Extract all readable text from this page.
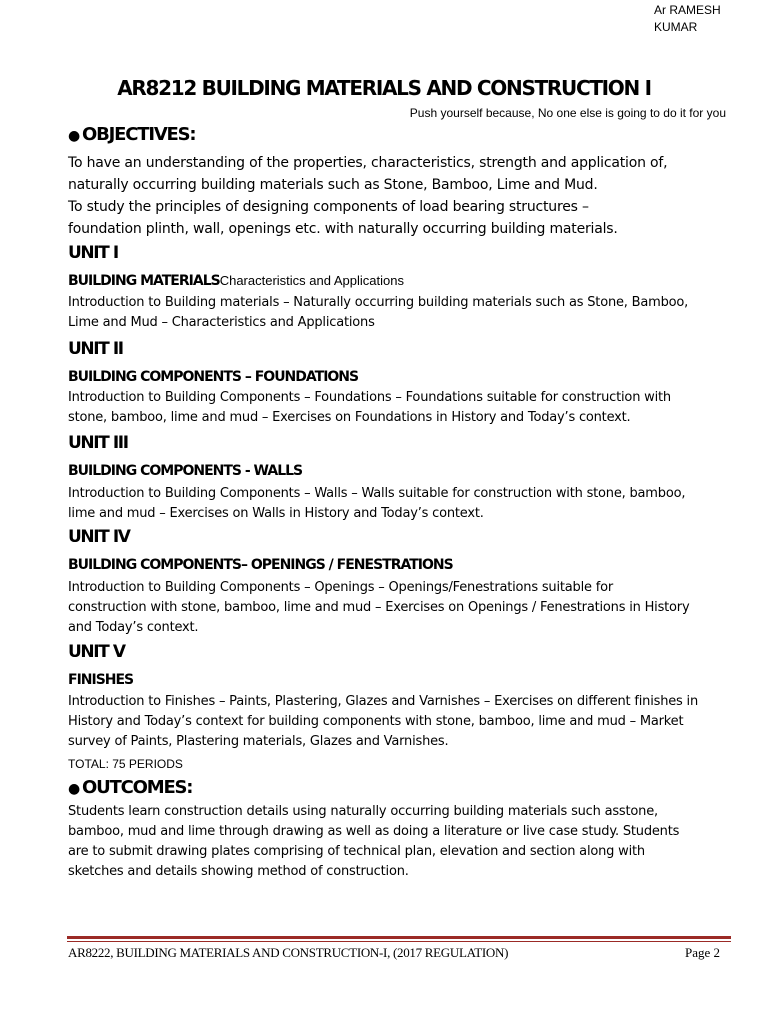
Ar RAMESH
KUMAR
AR8212 BUILDING MATERIALS AND CONSTRUCTION I
Push yourself because, No one else is going to do it for you
● OBJECTIVES:
To have an understanding of the properties, characteristics, strength and application of,
naturally occurring building materials such as Stone, Bamboo, Lime and Mud.
To study the principles of designing components of load bearing structures –
foundation plinth, wall, openings etc. with naturally occurring building materials.
UNIT I
BUILDING MATERIALSCharacteristics and Applications
Introduction to Building materials – Naturally occurring building materials such as Stone, Bamboo,
Lime and Mud – Characteristics and Applications
UNIT II
BUILDING COMPONENTS – FOUNDATIONS
Introduction to Building Components – Foundations – Foundations suitable for construction with
stone, bamboo, lime and mud – Exercises on Foundations in History and Today’s context.
UNIT III
BUILDING COMPONENTS - WALLS
Introduction to Building Components – Walls – Walls suitable for construction with stone, bamboo,
lime and mud – Exercises on Walls in History and Today’s context.
UNIT IV
BUILDING COMPONENTS– OPENINGS / FENESTRATIONS
Introduction to Building Components – Openings – Openings/Fenestrations suitable for
construction with stone, bamboo, lime and mud – Exercises on Openings / Fenestrations in History
and Today’s context.
UNIT V
FINISHES
Introduction to Finishes – Paints, Plastering, Glazes and Varnishes – Exercises on different finishes in
History and Today’s context for building components with stone, bamboo, lime and mud – Market
survey of Paints, Plastering materials, Glazes and Varnishes.
TOTAL: 75 PERIODS
● OUTCOMES:
Students learn construction details using naturally occurring building materials such asstone,
bamboo, mud and lime through drawing as well as doing a literature or live case study. Students
are to submit drawing plates comprising of technical plan, elevation and section along with
sketches and details showing method of construction.
AR8222, BUILDING MATERIALS AND CONSTRUCTION-I, (2017 REGULATION)	Page 2
